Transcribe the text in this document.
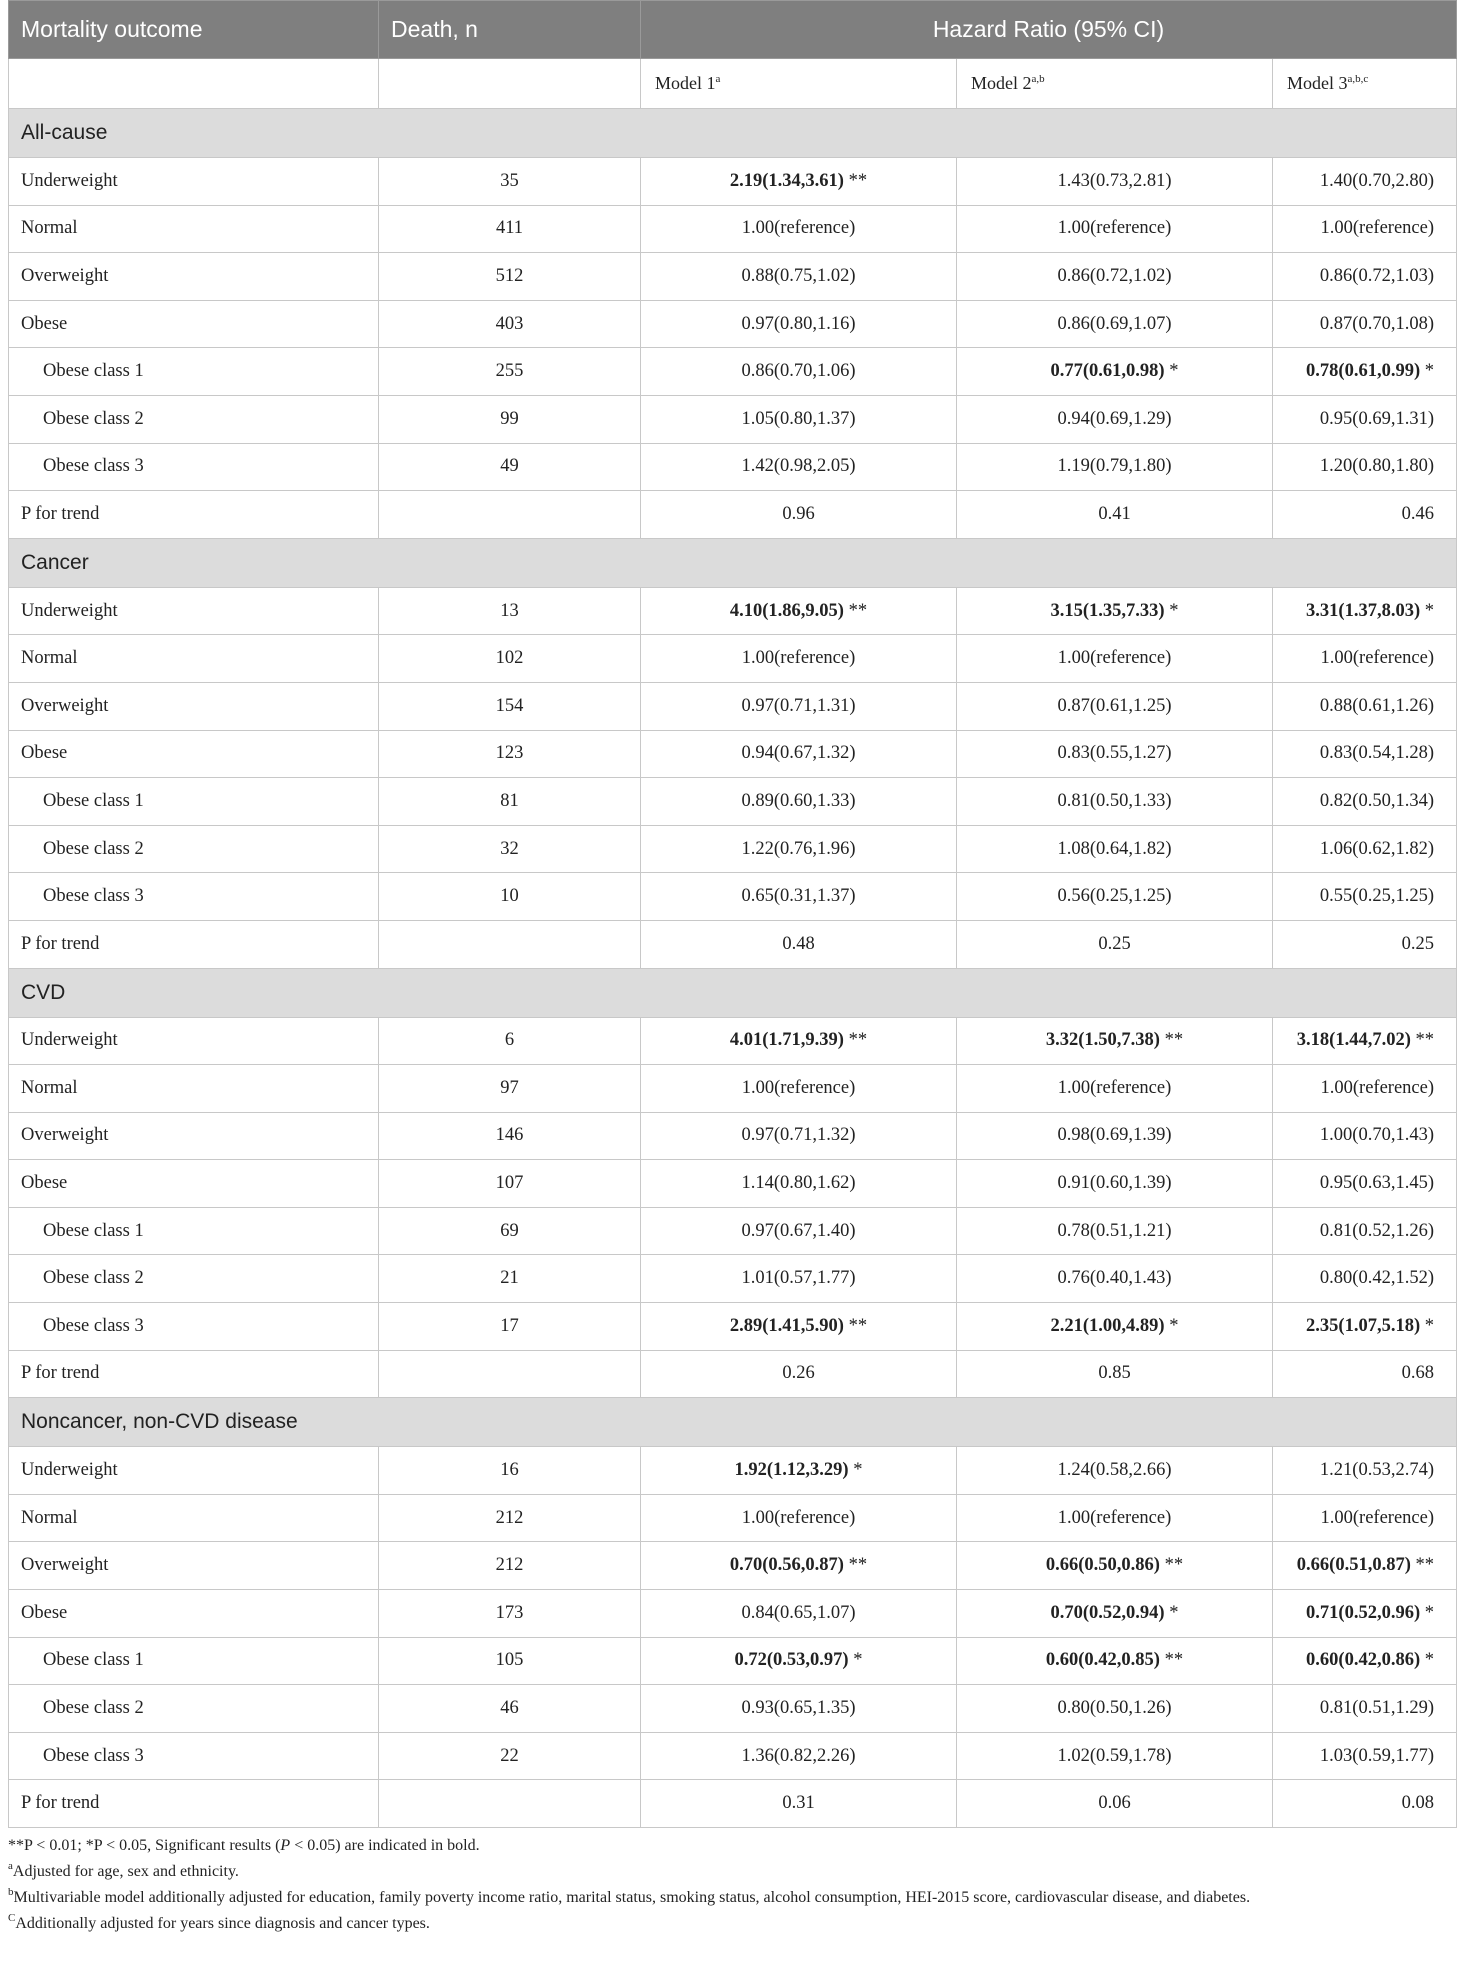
Mortality outcome	Death, n	Hazard Ratio (95% CI)		
		Model 1$^a$	Model 2$^{a,b}$	Model 3$^{a,b,c}$
All-cause				
Underweight	35	2.19(1.34,3.61) **	1.43(0.73,2.81)	1.40(0.70,2.80)
Normal	411	1.00(reference)	1.00(reference)	1.00(reference)
Overweight	512	0.88(0.75,1.02)	0.86(0.72,1.02)	0.86(0.72,1.03)
Obese	403	0.97(0.80,1.16)	0.86(0.69,1.07)	0.87(0.70,1.08)
Obese class 1	255	0.86(0.70,1.06)	0.77(0.61,0.98) *	0.78(0.61,0.99) *
Obese class 2	99	1.05(0.80,1.37)	0.94(0.69,1.29)	0.95(0.69,1.31)
Obese class 3	49	1.42(0.98,2.05)	1.19(0.79,1.80)	1.20(0.80,1.80)
P for trend		0.96	0.41	0.46
Cancer				
Underweight	13	4.10(1.86,9.05) **	3.15(1.35,7.33) *	3.31(1.37,8.03) *
Normal	102	1.00(reference)	1.00(reference)	1.00(reference)
Overweight	154	0.97(0.71,1.31)	0.87(0.61,1.25)	0.88(0.61,1.26)
Obese	123	0.94(0.67,1.32)	0.83(0.55,1.27)	0.83(0.54,1.28)
Obese class 1	81	0.89(0.60,1.33)	0.81(0.50,1.33)	0.82(0.50,1.34)
Obese class 2	32	1.22(0.76,1.96)	1.08(0.64,1.82)	1.06(0.62,1.82)
Obese class 3	10	0.65(0.31,1.37)	0.56(0.25,1.25)	0.55(0.25,1.25)
P for trend		0.48	0.25	0.25
CVD				
Underweight	6	4.01(1.71,9.39) **	3.32(1.50,7.38) **	3.18(1.44,7.02) **
Normal	97	1.00(reference)	1.00(reference)	1.00(reference)
Overweight	146	0.97(0.71,1.32)	0.98(0.69,1.39)	1.00(0.70,1.43)
Obese	107	1.14(0.80,1.62)	0.91(0.60,1.39)	0.95(0.63,1.45)
Obese class 1	69	0.97(0.67,1.40)	0.78(0.51,1.21)	0.81(0.52,1.26)
Obese class 2	21	1.01(0.57,1.77)	0.76(0.40,1.43)	0.80(0.42,1.52)
Obese class 3	17	2.89(1.41,5.90) **	2.21(1.00,4.89) *	2.35(1.07,5.18) *
P for trend		0.26	0.85	0.68
Noncancer, non-CVD disease				
Underweight	16	1.92(1.12,3.29) *	1.24(0.58,2.66)	1.21(0.53,2.74)
Normal	212	1.00(reference)	1.00(reference)	1.00(reference)
Overweight	212	0.70(0.56,0.87) **	0.66(0.50,0.86) **	0.66(0.51,0.87) **
Obese	173	0.84(0.65,1.07)	0.70(0.52,0.94) *	0.71(0.52,0.96) *
Obese class 1	105	0.72(0.53,0.97) *	0.60(0.42,0.85) **	0.60(0.42,0.86) *
Obese class 2	46	0.93(0.65,1.35)	0.80(0.50,1.26)	0.81(0.51,1.29)
Obese class 3	22	1.36(0.82,2.26)	1.02(0.59,1.78)	1.03(0.59,1.77)
P for trend		0.31	0.06	0.08
**P < 0.01; *P < 0.05, Significant results (P < 0.05) are indicated in bold.
$^a$Adjusted for age, sex and ethnicity.
$^b$Multivariable model additionally adjusted for education, family poverty income ratio, marital status, smoking status, alcohol consumption, HEI-2015 score, cardiovascular disease, and diabetes.
$^C$Additionally adjusted for years since diagnosis and cancer types.
